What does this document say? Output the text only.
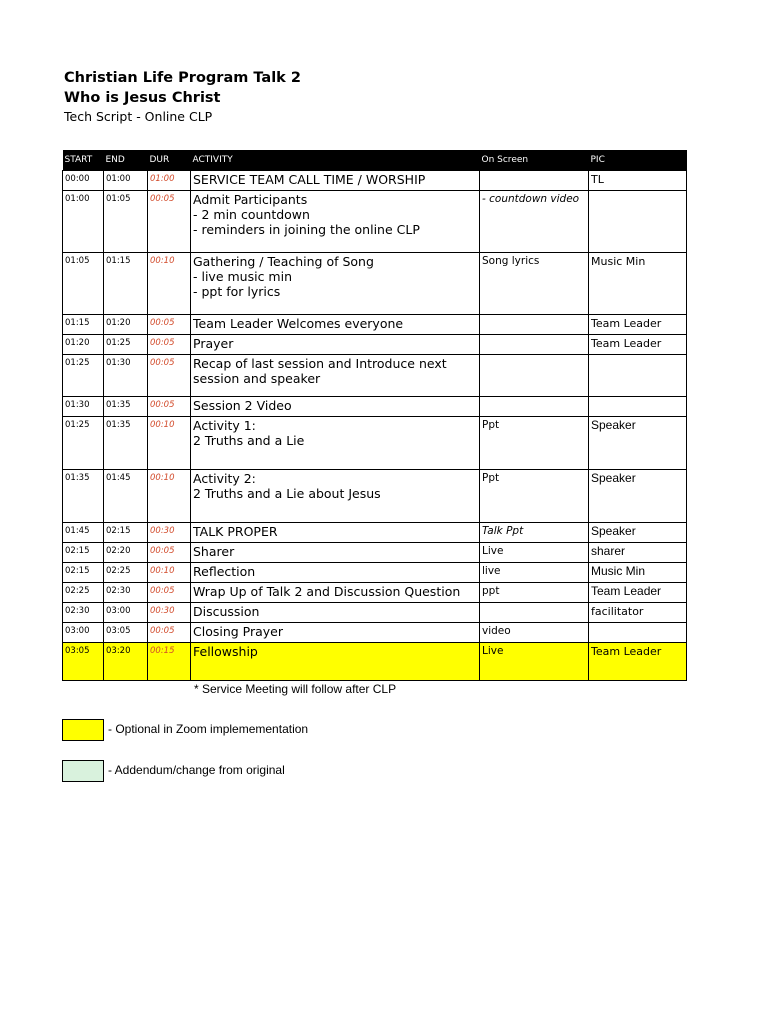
Christian Life Program Talk 2

Who is Jesus Christ

Tech Script - Online CLP

START	END	DUR	ACTIVITY	On Screen	PIC
00:00	01:00	01:00	SERVICE TEAM CALL TIME / WORSHIP		TL
01:00	01:05	00:05	Admit Participants
- 2 min countdown
- reminders in joining the online CLP	- countdown video	
01:05	01:15	00:10	Gathering / Teaching of Song
- live music min
- ppt for lyrics	Song lyrics	Music Min
01:15	01:20	00:05	Team Leader Welcomes everyone		Team Leader
01:20	01:25	00:05	Prayer		Team Leader
01:25	01:30	00:05	Recap of last session and Introduce next
session and speaker		

01:30	01:35	00:05	Session 2 Video		

01:25	01:35	00:10	Activity 1:
2 Truths and a Lie	Ppt	Speaker
01:35	01:45	00:10	Activity 2:
2 Truths and a Lie about Jesus	Ppt	Speaker
01:45	02:15	00:30	TALK PROPER	Talk Ppt	Speaker
02:15	02:20	00:05	Sharer	Live	sharer
02:15	02:25	00:10	Reflection	live	Music Min
02:25	02:30	00:05	Wrap Up of Talk 2 and Discussion Question	ppt	Team Leader
02:30	03:00	00:30	Discussion		facilitator
03:00	03:05	00:05	Closing Prayer	video	
03:05	03:20	00:15	Fellowship	Live	Team Leader
* Service Meeting will follow after CLP
- Optional in Zoom implemementation
- Addendum/change from original
